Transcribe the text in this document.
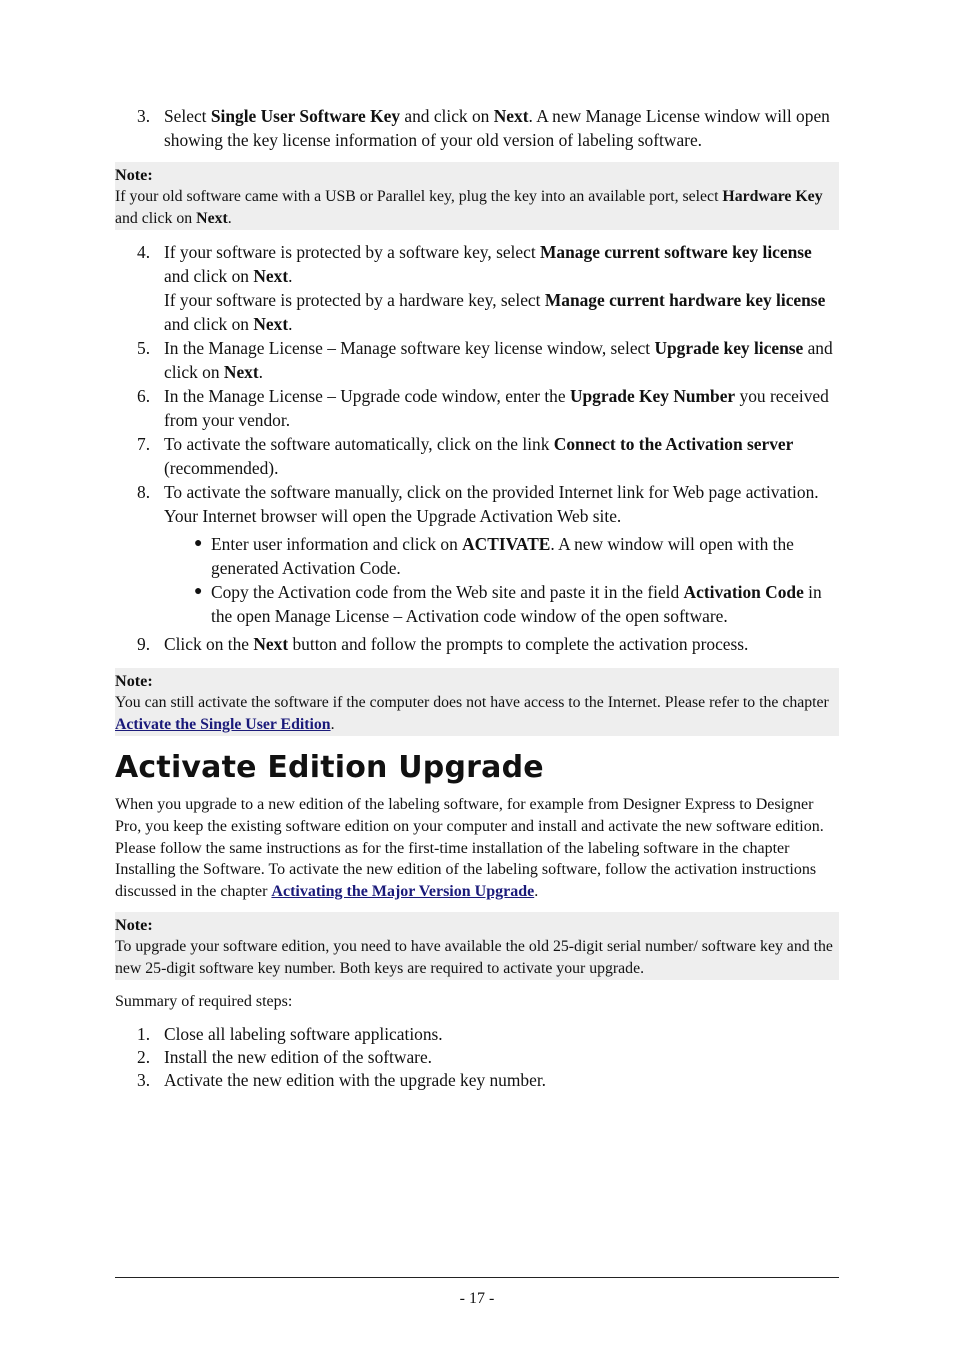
3. Select Single User Software Key and click on Next. A new Manage License window will open showing the key license information of your old version of labeling software.
Note:
If your old software came with a USB or Parallel key, plug the key into an available port, select Hardware Key and click on Next.
4. If your software is protected by a software key, select Manage current software key license and click on Next.
If your software is protected by a hardware key, select Manage current hardware key license and click on Next.
5. In the Manage License – Manage software key license window, select Upgrade key license and click on Next.
6. In the Manage License – Upgrade code window, enter the Upgrade Key Number you received from your vendor.
7. To activate the software automatically, click on the link Connect to the Activation server (recommended).
8. To activate the software manually, click on the provided Internet link for Web page activation. Your Internet browser will open the Upgrade Activation Web site.
● Enter user information and click on ACTIVATE. A new window will open with the generated Activation Code.
● Copy the Activation code from the Web site and paste it in the field Activation Code in the open Manage License – Activation code window of the open software.
9. Click on the Next button and follow the prompts to complete the activation process.
Note:
You can still activate the software if the computer does not have access to the Internet. Please refer to the chapter Activate the Single User Edition.
Activate Edition Upgrade
When you upgrade to a new edition of the labeling software, for example from Designer Express to Designer Pro, you keep the existing software edition on your computer and install and activate the new software edition. Please follow the same instructions as for the first-time installation of the labeling software in the chapter Installing the Software. To activate the new edition of the labeling software, follow the activation instructions discussed in the chapter Activating the Major Version Upgrade.
Note:
To upgrade your software edition, you need to have available the old 25-digit serial number/ software key and the new 25-digit software key number. Both keys are required to activate your upgrade.
Summary of required steps:
1. Close all labeling software applications.
2. Install the new edition of the software.
3. Activate the new edition with the upgrade key number.
- 17 -
